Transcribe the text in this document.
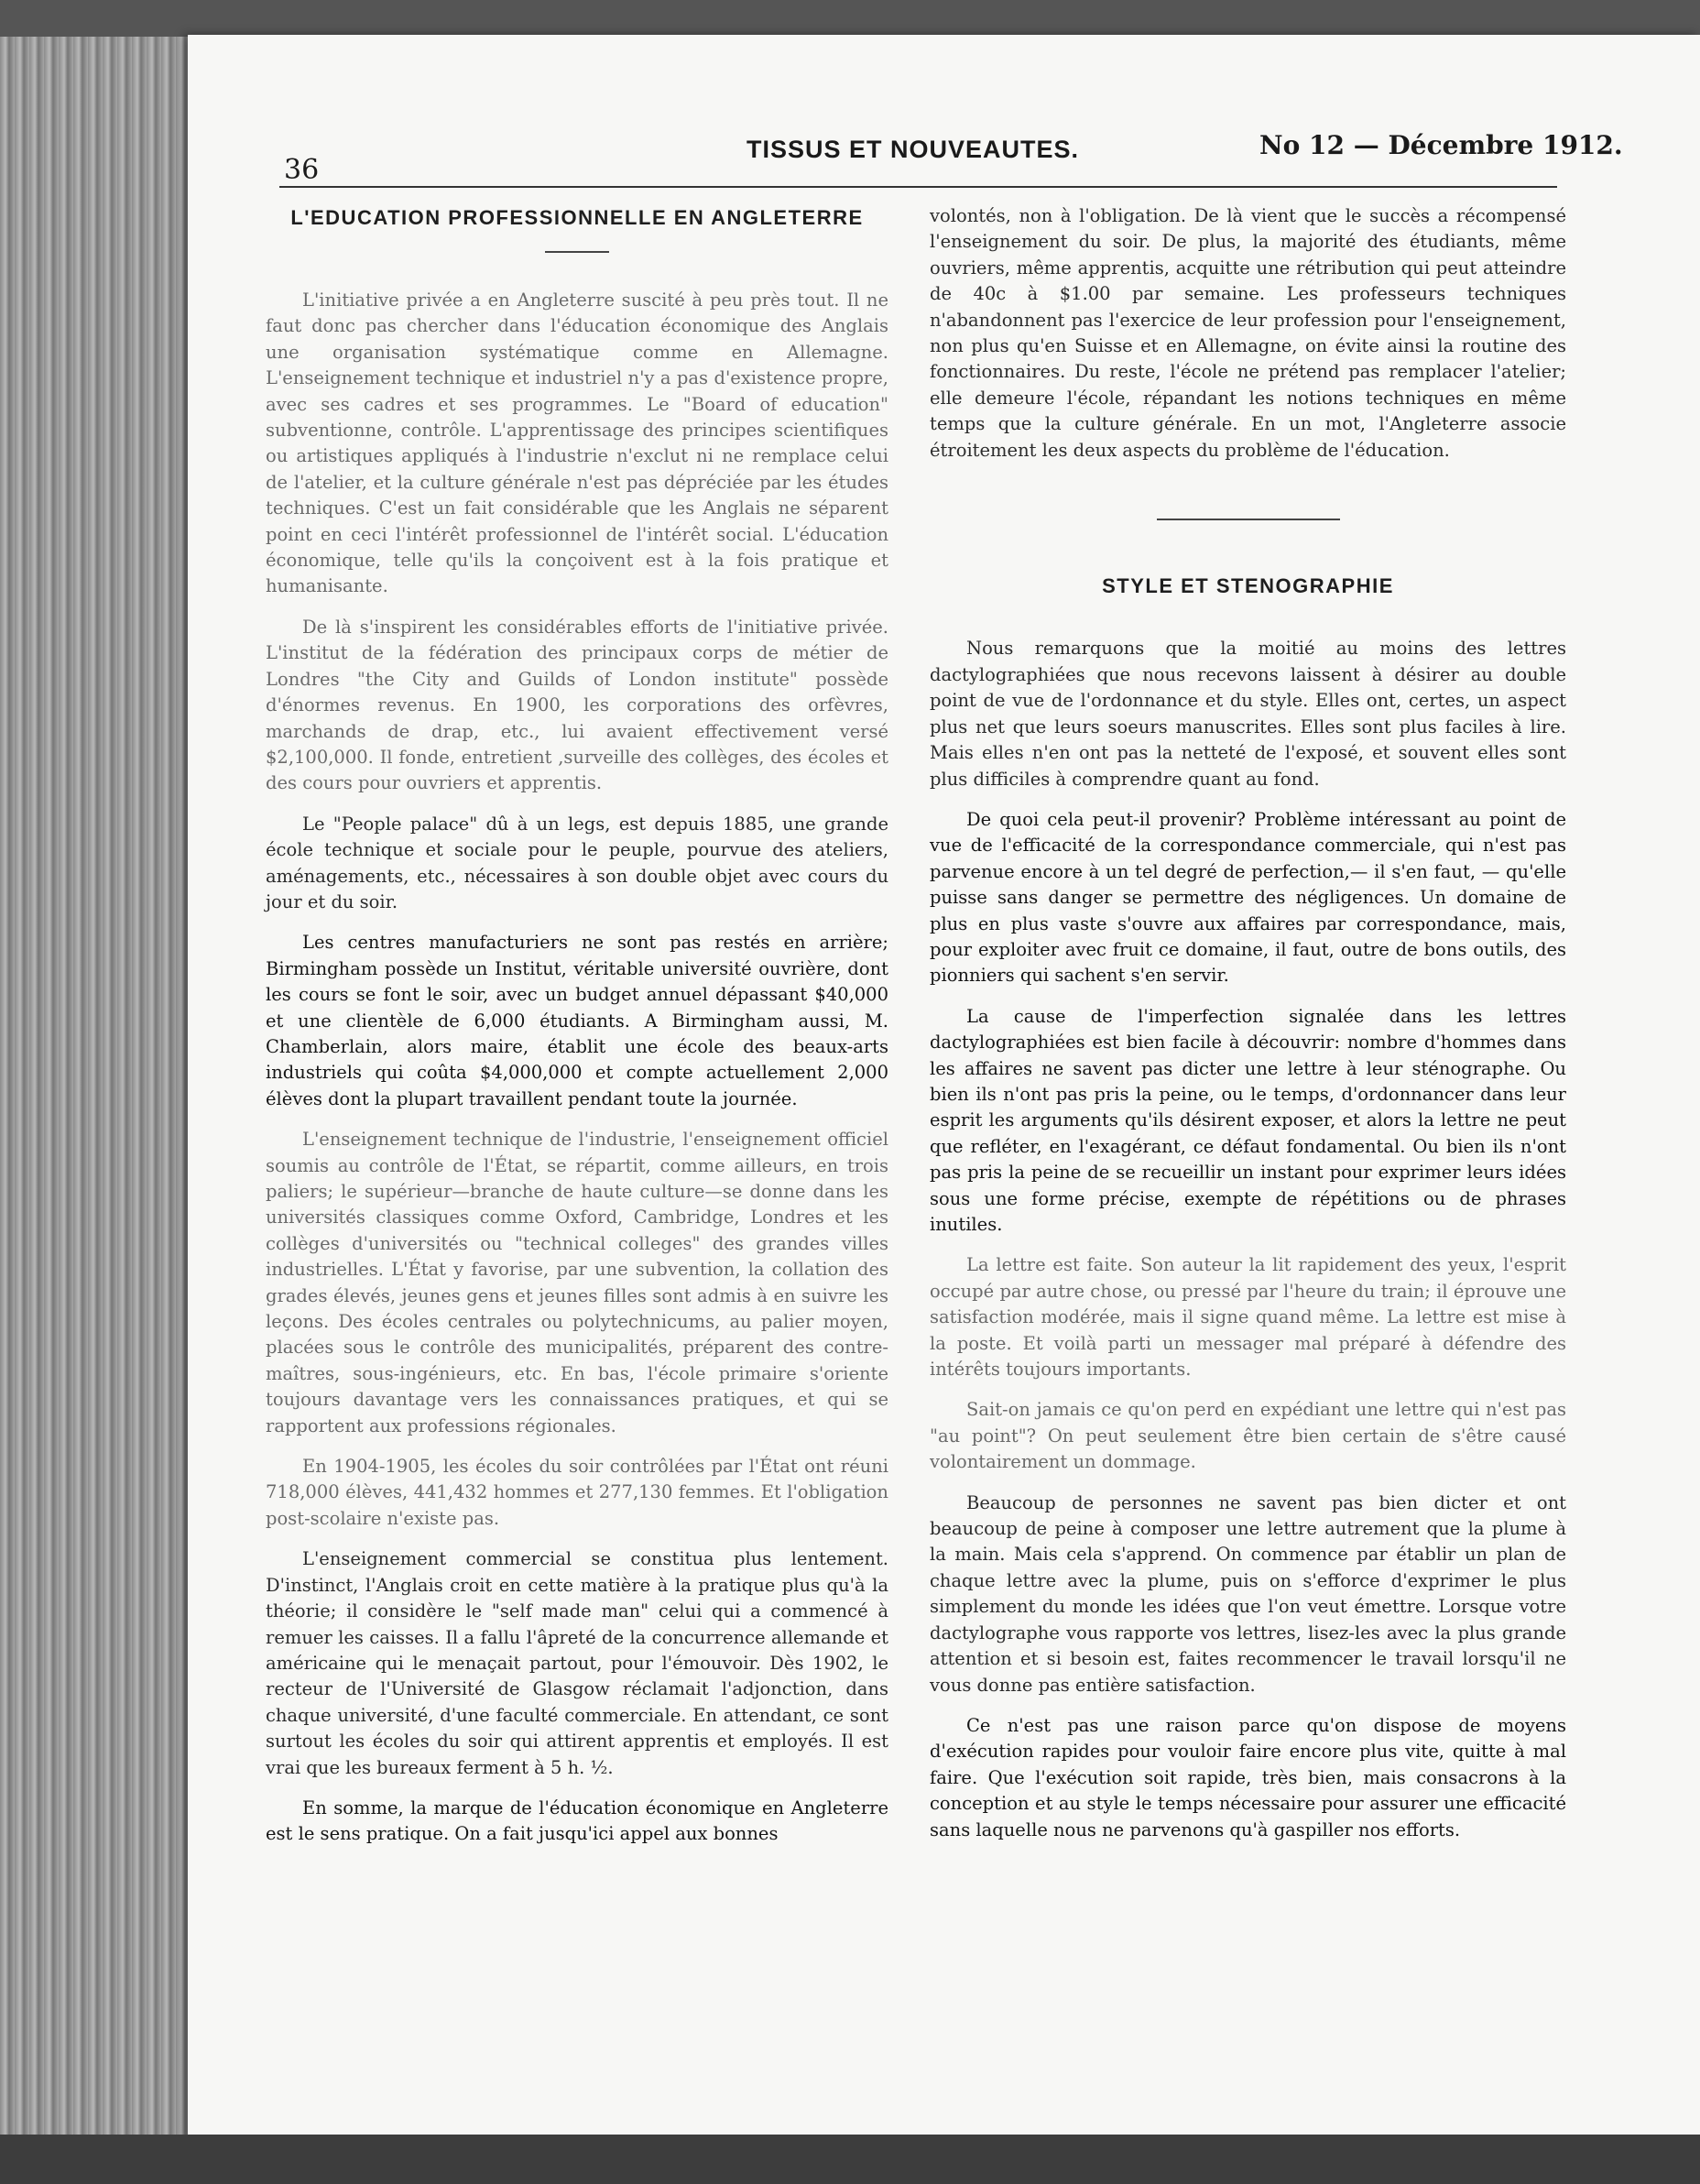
36
TISSUS ET NOUVEAUTES.	No 12 — Décembre 1912.
L'EDUCATION PROFESSIONNELLE EN ANGLETERRE

L'initiative privée a en Angleterre suscité à peu près tout. Il ne faut donc pas chercher dans l'éducation économique des Anglais une organisation systématique comme en Allemagne. L'enseignement technique et industriel n'y a pas d'existence propre, avec ses cadres et ses programmes. Le "Board of education" subventionne, contrôle. L'apprentissage des principes scientifiques ou artistiques appliqués à l'industrie n'exclut ni ne remplace celui de l'atelier, et la culture générale n'est pas dépréciée par les études techniques. C'est un fait considérable que les Anglais ne séparent point en ceci l'intérêt professionnel de l'intérêt social. L'éducation économique, telle qu'ils la conçoivent est à la fois pratique et humanisante.

De là s'inspirent les considérables efforts de l'initiative privée. L'institut de la fédération des principaux corps de métier de Londres "the City and Guilds of London institute" possède d'énormes revenus. En 1900, les corporations des orfèvres, marchands de drap, etc., lui avaient effectivement versé $2,100,000. Il fonde, entretient ,surveille des collèges, des écoles et des cours pour ouvriers et apprentis.

Le "People palace" dû à un legs, est depuis 1885, une grande école technique et sociale pour le peuple, pourvue des ateliers, aménagements, etc., nécessaires à son double objet avec cours du jour et du soir.

Les centres manufacturiers ne sont pas restés en arrière; Birmingham possède un Institut, véritable université ouvrière, dont les cours se font le soir, avec un budget annuel dépassant $40,000 et une clientèle de 6,000 étudiants. A Birmingham aussi, M. Chamberlain, alors maire, établit une école des beaux-arts industriels qui coûta $4,000,000 et compte actuellement 2,000 élèves dont la plupart travaillent pendant toute la journée.

L'enseignement technique de l'industrie, l'enseignement officiel soumis au contrôle de l'État, se répartit, comme ailleurs, en trois paliers; le supérieur—branche de haute culture—se donne dans les universités classiques comme Oxford, Cambridge, Londres et les collèges d'universités ou "technical colleges" des grandes villes industrielles. L'État y favorise, par une subvention, la collation des grades élevés, jeunes gens et jeunes filles sont admis à en suivre les leçons. Des écoles centrales ou polytechnicums, au palier moyen, placées sous le contrôle des municipalités, préparent des contre-maîtres, sous-ingénieurs, etc. En bas, l'école primaire s'oriente toujours davantage vers les connaissances pratiques, et qui se rapportent aux professions régionales.

En 1904-1905, les écoles du soir contrôlées par l'État ont réuni 718,000 élèves, 441,432 hommes et 277,130 femmes. Et l'obligation post-scolaire n'existe pas.

L'enseignement commercial se constitua plus lentement. D'instinct, l'Anglais croit en cette matière à la pratique plus qu'à la théorie; il considère le "self made man" celui qui a commencé à remuer les caisses. Il a fallu l'âpreté de la concurrence allemande et américaine qui le menaçait partout, pour l'émouvoir. Dès 1902, le recteur de l'Université de Glasgow réclamait l'adjonction, dans chaque université, d'une faculté commerciale. En attendant, ce sont surtout les écoles du soir qui attirent apprentis et employés. Il est vrai que les bureaux ferment à 5 h. ½.

En somme, la marque de l'éducation économique en Angleterre est le sens pratique. On a fait jusqu'ici appel aux bonnes

volontés, non à l'obligation. De là vient que le succès a récompensé l'enseignement du soir. De plus, la majorité des étudiants, même ouvriers, même apprentis, acquitte une rétribution qui peut atteindre de 40c à $1.00 par semaine. Les professeurs techniques n'abandonnent pas l'exercice de leur profession pour l'enseignement, non plus qu'en Suisse et en Allemagne, on évite ainsi la routine des fonctionnaires. Du reste, l'école ne prétend pas remplacer l'atelier; elle demeure l'école, répandant les notions techniques en même temps que la culture générale. En un mot, l'Angleterre associe étroitement les deux aspects du problème de l'éducation.

STYLE ET STENOGRAPHIE

Nous remarquons que la moitié au moins des lettres dactylographiées que nous recevons laissent à désirer au double point de vue de l'ordonnance et du style. Elles ont, certes, un aspect plus net que leurs soeurs manuscrites. Elles sont plus faciles à lire. Mais elles n'en ont pas la netteté de l'exposé, et souvent elles sont plus difficiles à comprendre quant au fond.

De quoi cela peut-il provenir? Problème intéressant au point de vue de l'efficacité de la correspondance commerciale, qui n'est pas parvenue encore à un tel degré de perfection,— il s'en faut, — qu'elle puisse sans danger se permettre des négligences. Un domaine de plus en plus vaste s'ouvre aux affaires par correspondance, mais, pour exploiter avec fruit ce domaine, il faut, outre de bons outils, des pionniers qui sachent s'en servir.

La cause de l'imperfection signalée dans les lettres dactylographiées est bien facile à découvrir: nombre d'hommes dans les affaires ne savent pas dicter une lettre à leur sténographe. Ou bien ils n'ont pas pris la peine, ou le temps, d'ordonnancer dans leur esprit les arguments qu'ils désirent exposer, et alors la lettre ne peut que refléter, en l'exagérant, ce défaut fondamental. Ou bien ils n'ont pas pris la peine de se recueillir un instant pour exprimer leurs idées sous une forme précise, exempte de répétitions ou de phrases inutiles.

La lettre est faite. Son auteur la lit rapidement des yeux, l'esprit occupé par autre chose, ou pressé par l'heure du train; il éprouve une satisfaction modérée, mais il signe quand même. La lettre est mise à la poste. Et voilà parti un messager mal préparé à défendre des intérêts toujours importants.

Sait-on jamais ce qu'on perd en expédiant une lettre qui n'est pas "au point"? On peut seulement être bien certain de s'être causé volontairement un dommage.

Beaucoup de personnes ne savent pas bien dicter et ont beaucoup de peine à composer une lettre autrement que la plume à la main. Mais cela s'apprend. On commence par établir un plan de chaque lettre avec la plume, puis on s'efforce d'exprimer le plus simplement du monde les idées que l'on veut émettre. Lorsque votre dactylographe vous rapporte vos lettres, lisez-les avec la plus grande attention et si besoin est, faites recommencer le travail lorsqu'il ne vous donne pas entière satisfaction.

Ce n'est pas une raison parce qu'on dispose de moyens d'exécution rapides pour vouloir faire encore plus vite, quitte à mal faire. Que l'exécution soit rapide, très bien, mais consacrons à la conception et au style le temps nécessaire pour assurer une efficacité sans laquelle nous ne parvenons qu'à gaspiller nos efforts.
